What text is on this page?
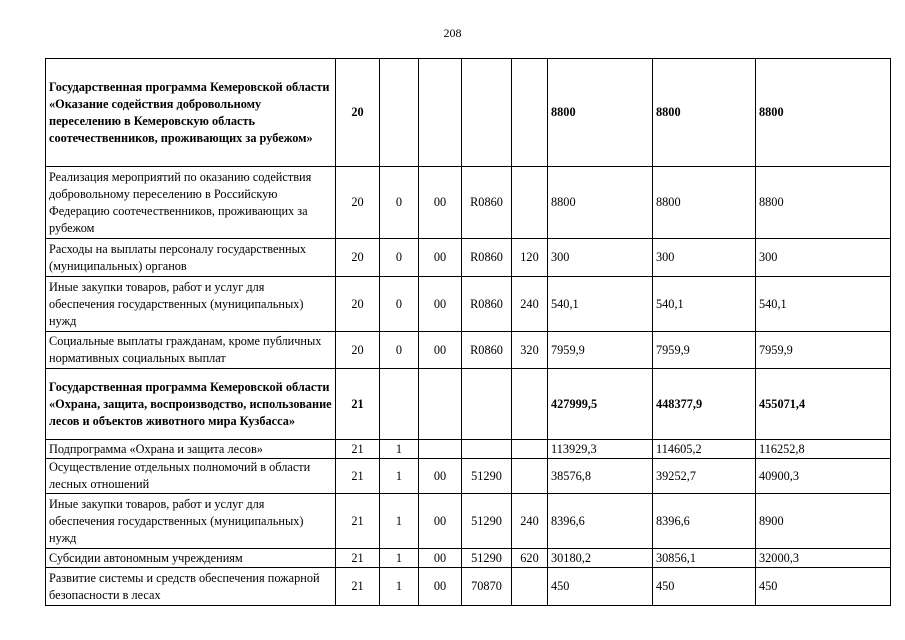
208
Государственная программа Кемеровской области «Оказание содействия добровольному переселению в Кемеровскую область соотечественников, проживающих за рубежом»	20					8800	8800	8800
Реализация мероприятий по оказанию содействия добровольному переселению в Российскую Федерацию соотечественников, проживающих за рубежом	20	0	00	R0860		8800	8800	8800
Расходы на выплаты персоналу государственных (муниципальных) органов	20	0	00	R0860	120	300	300	300
Иные закупки товаров, работ и услуг для обеспечения государственных (муниципальных) нужд	20	0	00	R0860	240	540,1	540,1	540,1
Социальные выплаты гражданам, кроме публичных нормативных социальных выплат	20	0	00	R0860	320	7959,9	7959,9	7959,9
Государственная программа Кемеровской области «Охрана, защита, воспроизводство, использование лесов и объектов животного мира Кузбасса»	21					427999,5	448377,9	455071,4
Подпрограмма «Охрана и защита лесов»	21	1				113929,3	114605,2	116252,8
Осуществление отдельных полномочий в области лесных отношений	21	1	00	51290		38576,8	39252,7	40900,3
Иные закупки товаров, работ и услуг для обеспечения государственных (муниципальных) нужд	21	1	00	51290	240	8396,6	8396,6	8900
Субсидии автономным учреждениям	21	1	00	51290	620	30180,2	30856,1	32000,3
Развитие системы и средств обеспечения пожарной безопасности в лесах	21	1	00	70870		450	450	450
